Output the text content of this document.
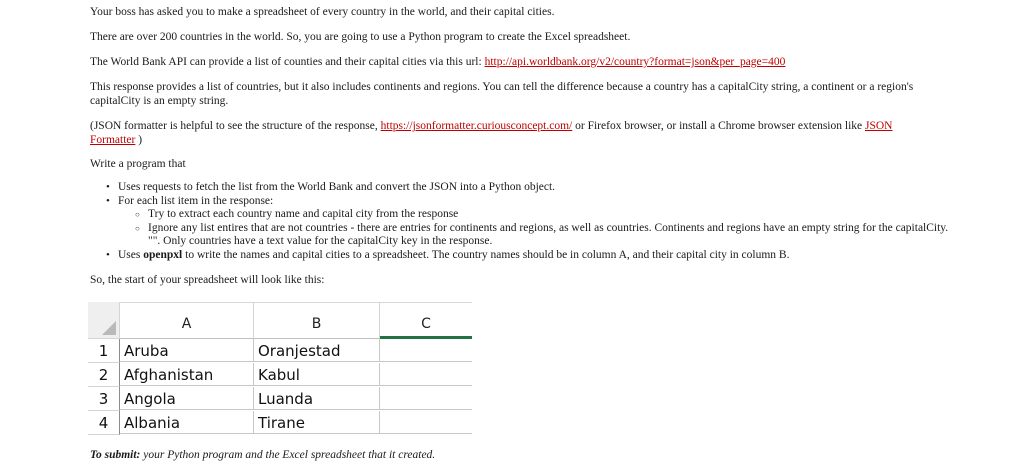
Your boss has asked you to make a spreadsheet of every country in the world, and their capital cities.
There are over 200 countries in the world. So, you are going to use a Python program to create the Excel spreadsheet.
The World Bank API can provide a list of counties and their capital cities via this url: http://api.worldbank.org/v2/country?format=json&per_page=400
This response provides a list of countries, but it also includes continents and regions. You can tell the difference because a country has a capitalCity string, a continent or a region's capitalCity is an empty string.
(JSON formatter is helpful to see the structure of the response, https://jsonformatter.curiousconcept.com/ or Firefox browser, or install a Chrome browser extension like JSON Formatter )
Write a program that
• Uses requests to fetch the list from the World Bank and convert the JSON into a Python object.
• For each list item in the response:
○ Try to extract each country name and capital city from the response
○ Ignore any list entires that are not countries - there are entries for continents and regions, as well as countries. Continents and regions have an empty string for the capitalCity. "". Only countries have a text value for the capitalCity key in the response.
• Uses openpxl to write the names and capital cities to a spreadsheet. The country names should be in column A, and their capital city in column B.
So, the start of your spreadsheet will look like this:
A	B	C
1	Aruba	Oranjestad
2	Afghanistan	Kabul
3	Angola	Luanda
4	Albania	Tirane
To submit: your Python program and the Excel spreadsheet that it created.
